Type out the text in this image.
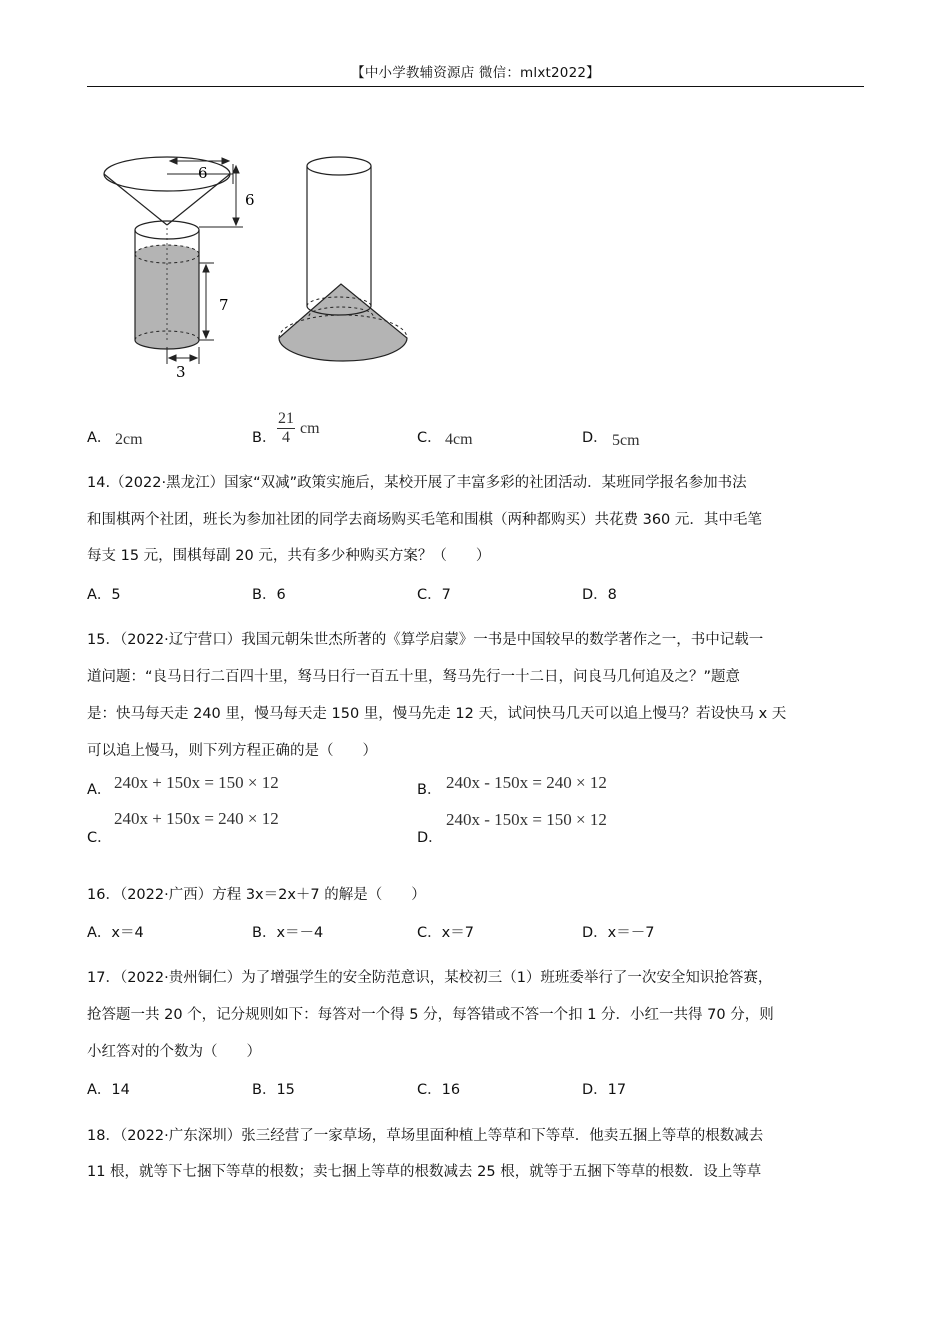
【中小学教辅资源店 微信：mlxt2022】
6
6
7
3
A． 2cm	B． $\frac{21}{4}$ cm
C． 4cm	D． 5cm
14.（2022·黑龙江）国家“双减”政策实施后，某校开展了丰富多彩的社团活动．某班同学报名参加书法
和围棋两个社团，班长为参加社团的同学去商场购买毛笔和围棋（两种都购买）共花费 360 元．其中毛笔
每支 15 元，围棋每副 20 元，共有多少种购买方案？（　　）
A．5	B．6	C．7	D．8
15．（2022·辽宁营口）我国元朝朱世杰所著的《算学启蒙》一书是中国较早的数学著作之一，书中记载一
道问题：“良马日行二百四十里，驽马日行一百五十里，驽马先行一十二日，问良马几何追及之？”题意
是：快马每天走 240 里，慢马每天走 150 里，慢马先走 12 天，试问快马几天可以追上慢马？若设快马 x 天
可以追上慢马，则下列方程正确的是（　　）
A． 240x + 150x = 150 × 12	B． 240x - 150x = 240 × 12
C．
240x + 150x = 240 × 12
D．
240x - 150x = 150 × 12
16．（2022·广西）方程 3x＝2x＋7 的解是（　　）
A．x＝4	B．x＝－4	C．x＝7	D．x＝－7
17．（2022·贵州铜仁）为了增强学生的安全防范意识，某校初三（1）班班委举行了一次安全知识抢答赛，
抢答题一共 20 个，记分规则如下：每答对一个得 5 分，每答错或不答一个扣 1 分．小红一共得 70 分，则
小红答对的个数为（　　）
A．14	B．15	C．16	D．17
18．（2022·广东深圳）张三经营了一家草场，草场里面种植上等草和下等草．他卖五捆上等草的根数减去
11 根，就等下七捆下等草的根数；卖七捆上等草的根数减去 25 根，就等于五捆下等草的根数．设上等草
